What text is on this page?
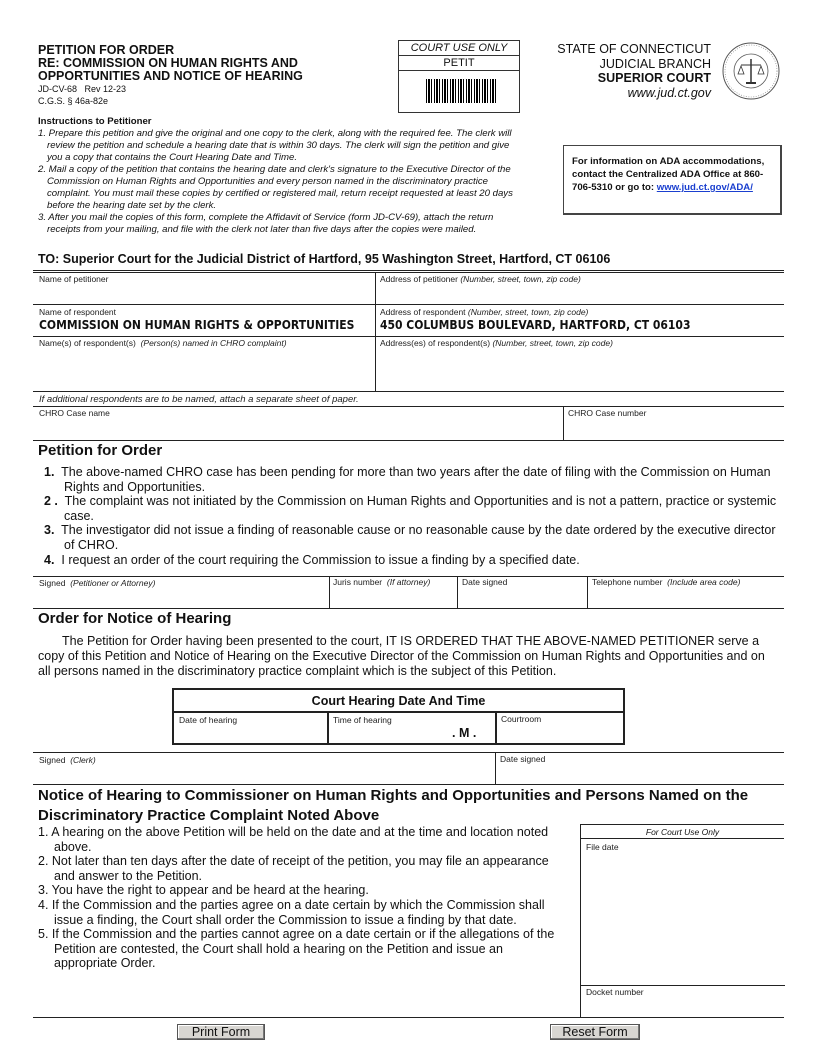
PETITION FOR ORDER
RE: COMMISSION ON HUMAN RIGHTS AND
OPPORTUNITIES AND NOTICE OF HEARING
JD-CV-68   Rev 12-23
C.G.S. § 46a-82e
COURT USE ONLY
PETIT
STATE OF CONNECTICUT
JUDICIAL BRANCH
SUPERIOR COURT
www.jud.ct.gov
Instructions to Petitioner
1. Prepare this petition and give the original and one copy to the clerk, along with the required fee. The clerk will review the petition and schedule a hearing date that is within 30 days. The clerk will sign the petition and give you a copy that contains the Court Hearing Date and Time.
2. Mail a copy of the petition that contains the hearing date and clerk's signature to the Executive Director of the Commission on Human Rights and Opportunities and every person named in the discriminatory practice complaint. You must mail these copies by certified or registered mail, return receipt requested at least 20 days before the hearing date set by the clerk.
3. After you mail the copies of this form, complete the Affidavit of Service (form JD-CV-69), attach the return receipts from your mailing, and file with the clerk not later than five days after the copies were mailed.
For information on ADA accommodations, contact the Centralized ADA Office at 860-706-5310 or go to: www.jud.ct.gov/ADA/
TO: Superior Court for the Judicial District of Hartford, 95 Washington Street, Hartford, CT 06106
Name of petitioner	Address of petitioner (Number, street, town, zip code)
Name of respondent
COMMISSION ON HUMAN RIGHTS & OPPORTUNITIES
Address of respondent (Number, street, town, zip code)
450 COLUMBUS BOULEVARD, HARTFORD, CT 06103
Name(s) of respondent(s) (Person(s) named in CHRO complaint)	Address(es) of respondent(s) (Number, street, town, zip code)
If additional respondents are to be named, attach a separate sheet of paper.
CHRO Case name	CHRO Case number
Petition for Order
1. The above-named CHRO case has been pending for more than two years after the date of filing with the Commission on Human Rights and Opportunities.
2 . The complaint was not initiated by the Commission on Human Rights and Opportunities and is not a pattern, practice or systemic case.
3. The investigator did not issue a finding of reasonable cause or no reasonable cause by the date ordered by the executive director of CHRO.
4. I request an order of the court requiring the Commission to issue a finding by a specified date.
Signed (Petitioner or Attorney)	Juris number (If attorney)	Date signed	Telephone number (Include area code)
Order for Notice of Hearing
The Petition for Order having been presented to the court, IT IS ORDERED THAT THE ABOVE-NAMED PETITIONER serve a copy of this Petition and Notice of Hearing on the Executive Director of the Commission on Human Rights and Opportunities and on all persons named in the discriminatory practice complaint which is the subject of this Petition.
Court Hearing Date And Time
Date of hearing	Time of hearing
. M .
Courtroom
Signed (Clerk)	Date signed
Notice of Hearing to Commissioner on Human Rights and Opportunities and Persons Named on the Discriminatory Practice Complaint Noted Above
1. A hearing on the above Petition will be held on the date and at the time and location noted above.
2. Not later than ten days after the date of receipt of the petition, you may file an appearance and answer to the Petition.
3. You have the right to appear and be heard at the hearing.
4. If the Commission and the parties agree on a date certain by which the Commission shall issue a finding, the Court shall order the Commission to issue a finding by that date.
5. If the Commission and the parties cannot agree on a date certain or if the allegations of the Petition are contested, the Court shall hold a hearing on the Petition and issue an appropriate Order.
For Court Use Only
File date
Docket number
Print Form	Reset Form
